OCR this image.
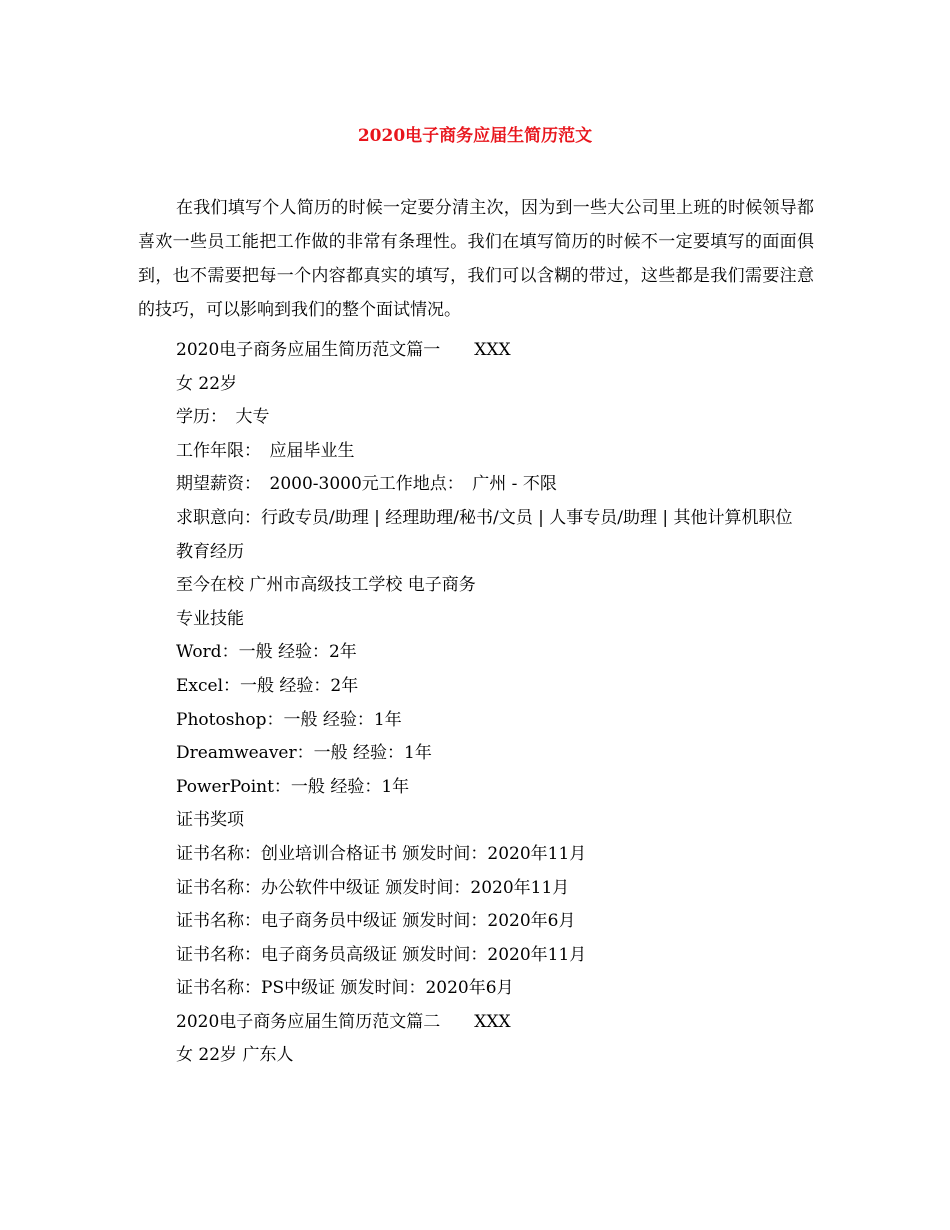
2020电子商务应届生简历范文

在我们填写个人简历的时候一定要分清主次，因为到一些大公司里上班的时候领导都喜欢一些员工能把工作做的非常有条理性。我们在填写简历的时候不一定要填写的面面俱到，也不需要把每一个内容都真实的填写，我们可以含糊的带过，这些都是我们需要注意的技巧，可以影响到我们的整个面试情况。

2020电子商务应届生简历范文篇一　　XXX

女 22岁

学历：　大专

工作年限：　应届毕业生

期望薪资：　2000-3000元工作地点：　广州 - 不限

求职意向：行政专员/助理 | 经理助理/秘书/文员 | 人事专员/助理 | 其他计算机职位

教育经历

至今在校 广州市高级技工学校 电子商务

专业技能

Word：一般 经验：2年

Excel：一般 经验：2年

Photoshop：一般 经验：1年

Dreamweaver：一般 经验：1年

PowerPoint：一般 经验：1年

证书奖项

证书名称：创业培训合格证书 颁发时间：2020年11月

证书名称：办公软件中级证 颁发时间：2020年11月

证书名称：电子商务员中级证 颁发时间：2020年6月

证书名称：电子商务员高级证 颁发时间：2020年11月

证书名称：PS中级证 颁发时间：2020年6月

2020电子商务应届生简历范文篇二　　XXX

女 22岁 广东人
